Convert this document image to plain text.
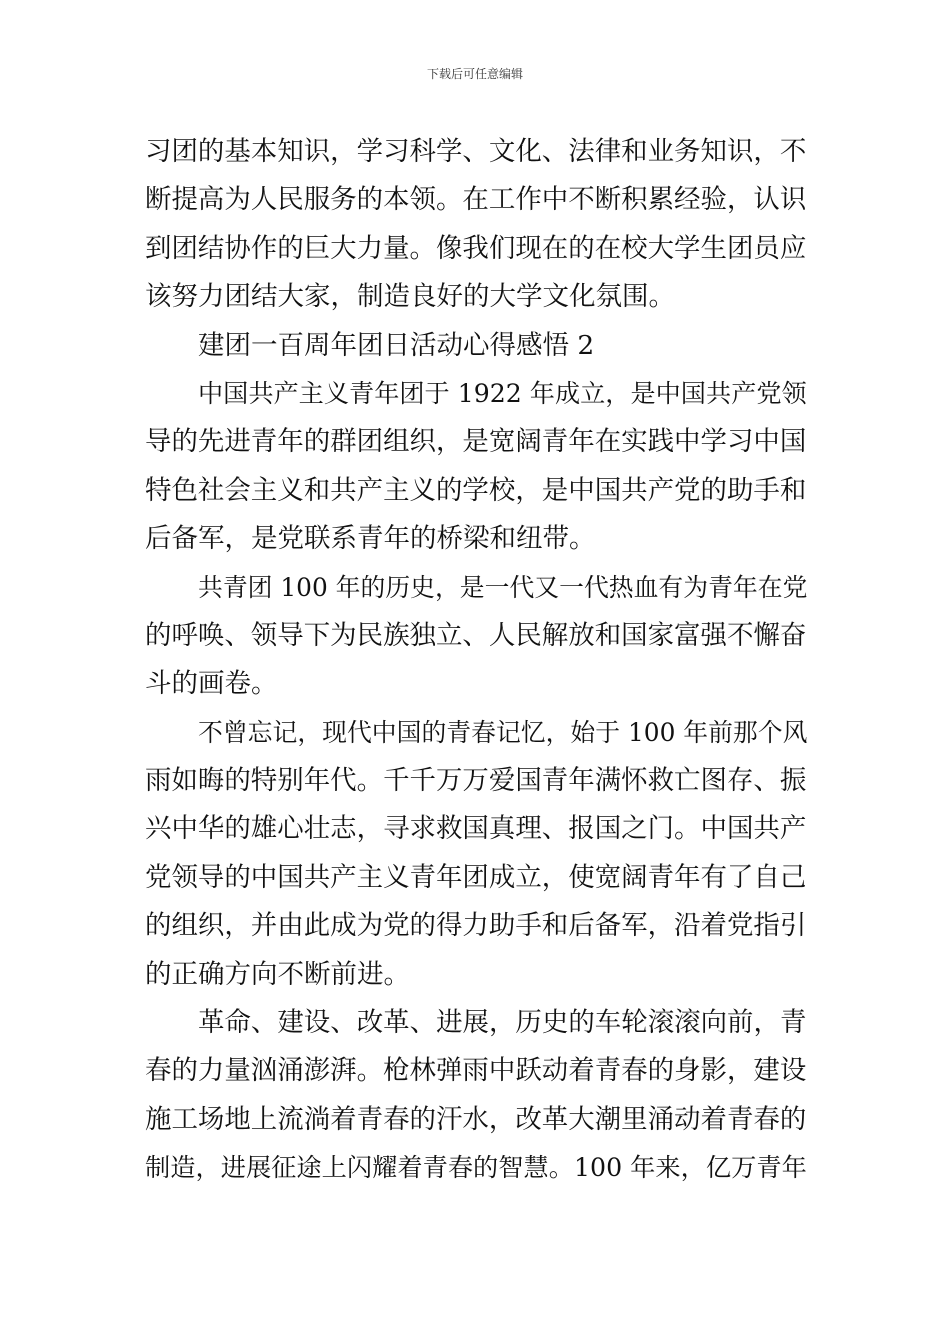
下载后可任意编辑
习团的基本知识，学习科学、文化、法律和业务知识，不
断提高为人民服务的本领。在工作中不断积累经验，认识
到团结协作的巨大力量。像我们现在的在校大学生团员应
该努力团结大家，制造良好的大学文化氛围。
建团一百周年团日活动心得感悟 2
中国共产主义青年团于 1922 年成立，是中国共产党领
导的先进青年的群团组织，是宽阔青年在实践中学习中国
特色社会主义和共产主义的学校，是中国共产党的助手和
后备军，是党联系青年的桥梁和纽带。
共青团 100 年的历史，是一代又一代热血有为青年在党
的呼唤、领导下为民族独立、人民解放和国家富强不懈奋
斗的画卷。
不曾忘记，现代中国的青春记忆，始于 100 年前那个风
雨如晦的特别年代。千千万万爱国青年满怀救亡图存、振
兴中华的雄心壮志，寻求救国真理、报国之门。中国共产
党领导的中国共产主义青年团成立，使宽阔青年有了自己
的组织，并由此成为党的得力助手和后备军，沿着党指引
的正确方向不断前进。
革命、建设、改革、进展，历史的车轮滚滚向前，青
春的力量汹涌澎湃。枪林弹雨中跃动着青春的身影，建设
施工场地上流淌着青春的汗水，改革大潮里涌动着青春的
制造，进展征途上闪耀着青春的智慧。100 年来，亿万青年
